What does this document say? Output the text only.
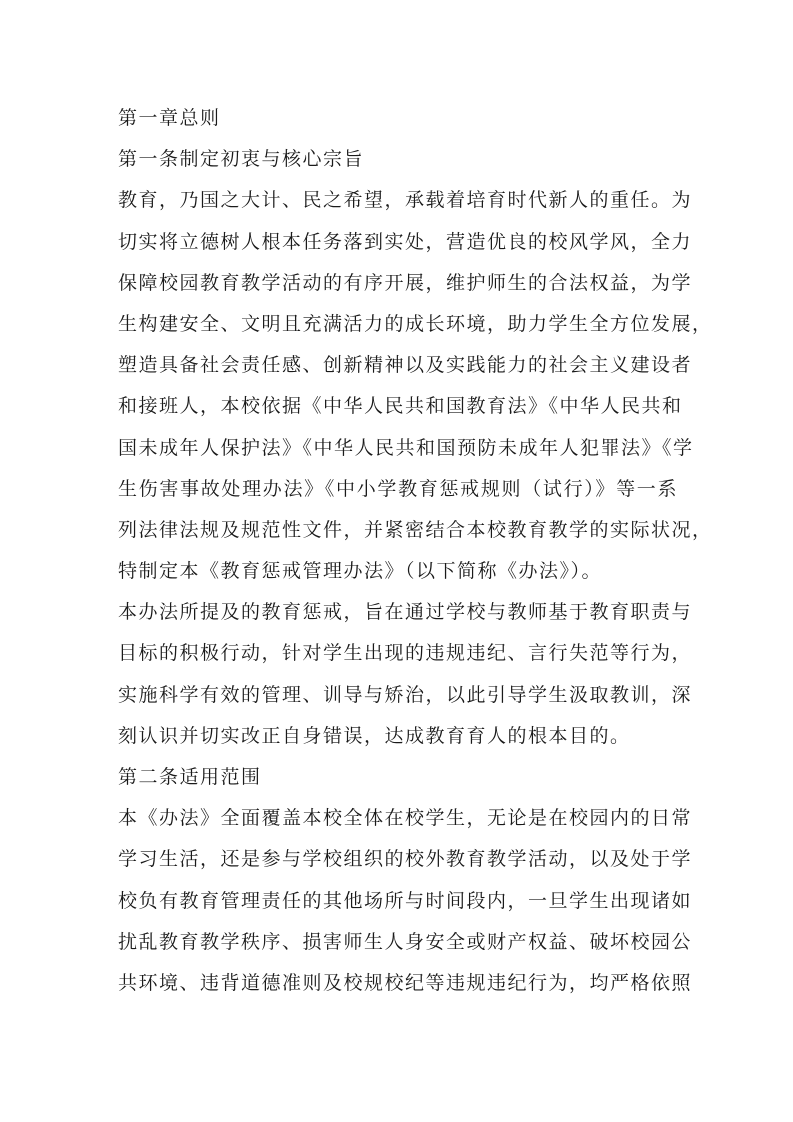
第一章总则
第一条制定初衷与核心宗旨
教育，乃国之大计、民之希望，承载着培育时代新人的重任。为
切实将立德树人根本任务落到实处，营造优良的校风学风，全力
保障校园教育教学活动的有序开展，维护师生的合法权益，为学
生构建安全、文明且充满活力的成长环境，助力学生全方位发展，
塑造具备社会责任感、创新精神以及实践能力的社会主义建设者
和接班人，本校依据《中华人民共和国教育法》《中华人民共和
国未成年人保护法》《中华人民共和国预防未成年人犯罪法》《学
生伤害事故处理办法》《中小学教育惩戒规则（试行）》等一系
列法律法规及规范性文件，并紧密结合本校教育教学的实际状况，
特制定本《教育惩戒管理办法》（以下简称《办法》）。
本办法所提及的教育惩戒，旨在通过学校与教师基于教育职责与
目标的积极行动，针对学生出现的违规违纪、言行失范等行为，
实施科学有效的管理、训导与矫治，以此引导学生汲取教训，深
刻认识并切实改正自身错误，达成教育育人的根本目的。
第二条适用范围
本《办法》全面覆盖本校全体在校学生，无论是在校园内的日常
学习生活，还是参与学校组织的校外教育教学活动，以及处于学
校负有教育管理责任的其他场所与时间段内，一旦学生出现诸如
扰乱教育教学秩序、损害师生人身安全或财产权益、破坏校园公
共环境、违背道德准则及校规校纪等违规违纪行为，均严格依照
